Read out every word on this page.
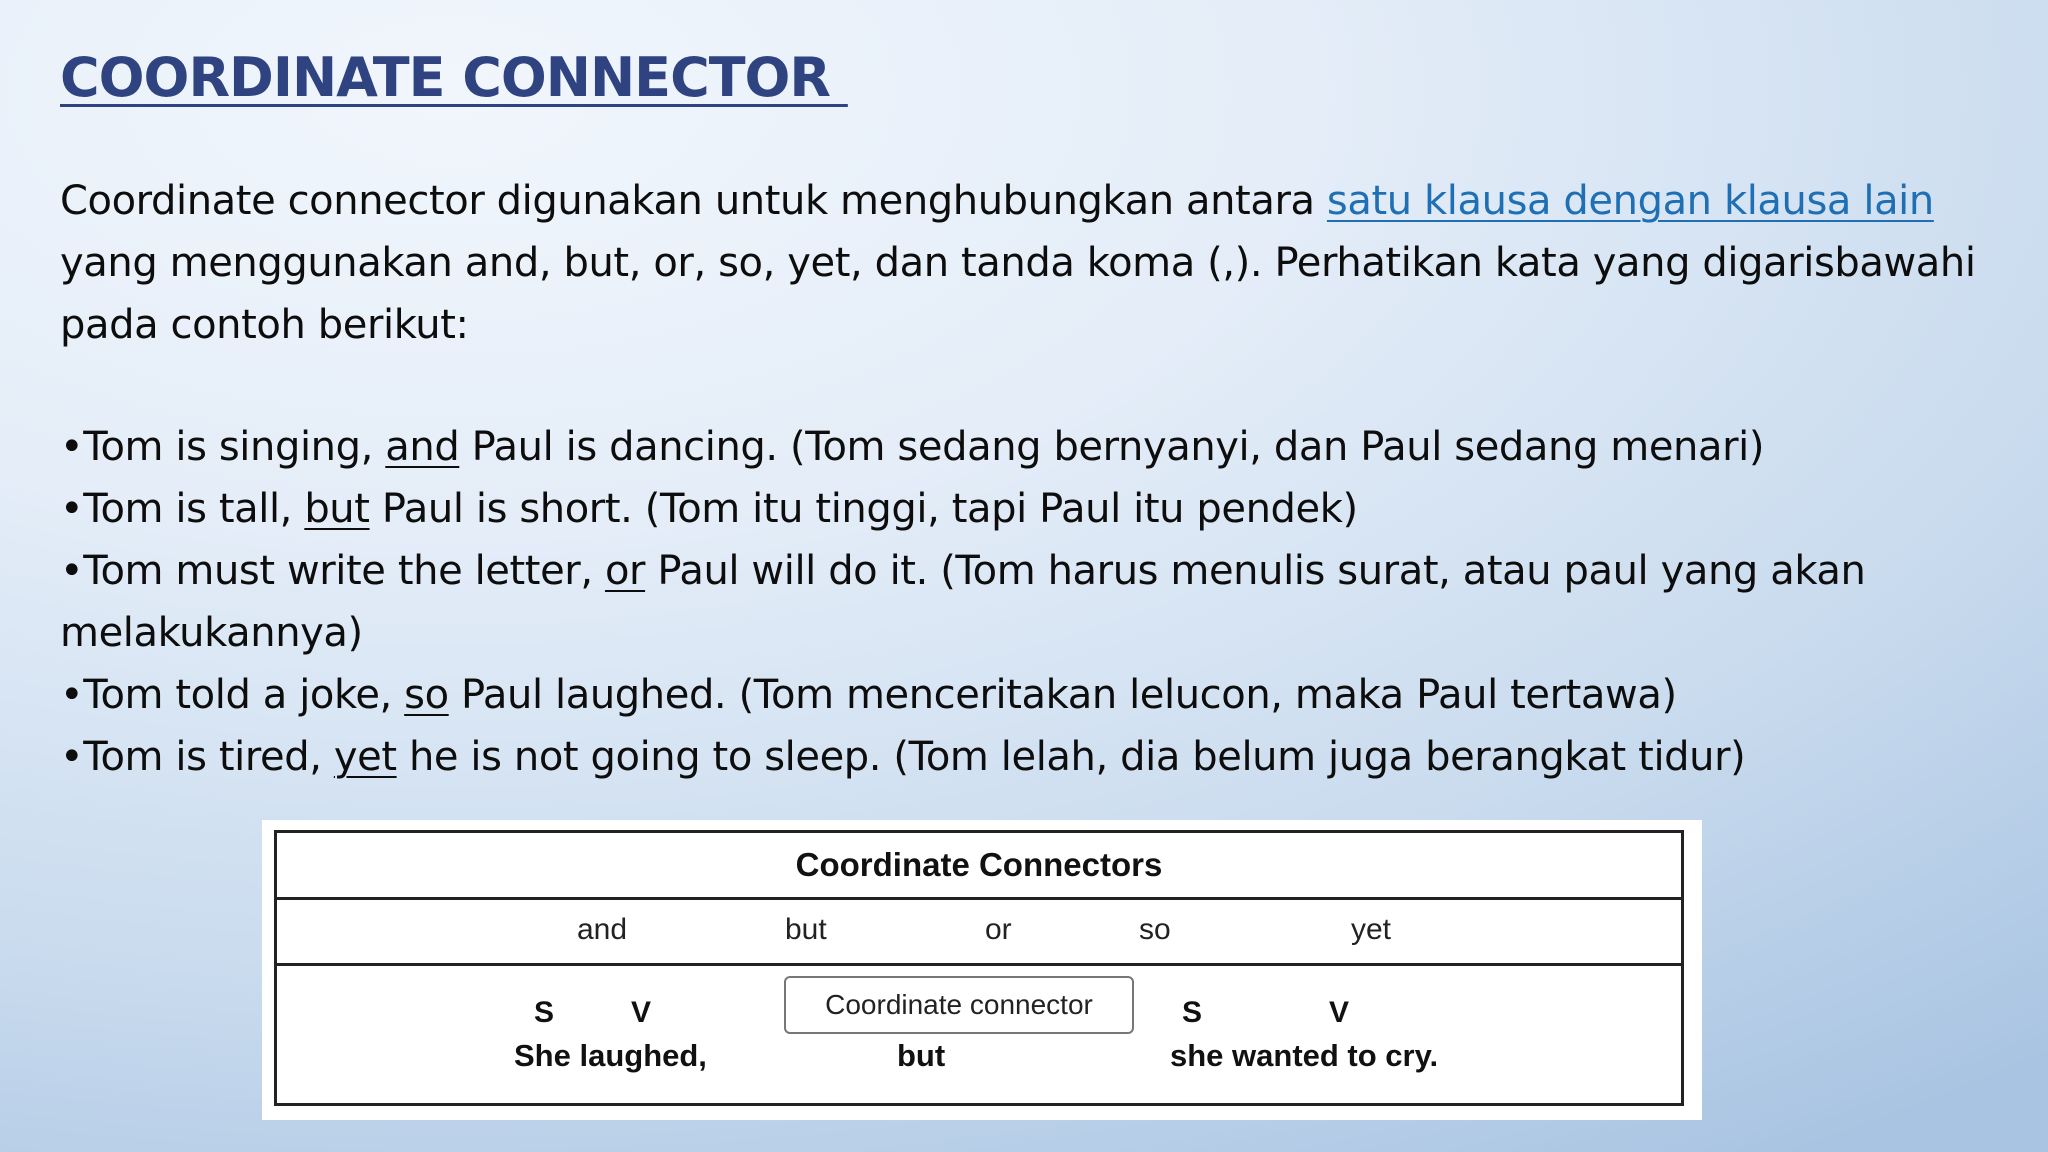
COORDINATE CONNECTOR
Coordinate connector digunakan untuk menghubungkan antara satu klausa dengan klausa lain yang menggunakan and, but, or, so, yet, dan tanda koma (,). Perhatikan kata yang digarisbawahi pada contoh berikut:

•Tom is singing, and Paul is dancing. (Tom sedang bernyanyi, dan Paul sedang menari)

•Tom is tall, but Paul is short. (Tom itu tinggi, tapi Paul itu pendek)

•Tom must write the letter, or Paul will do it. (Tom harus menulis surat, atau paul yang akan melakukannya)

•Tom told a joke, so Paul laughed. (Tom menceritakan lelucon, maka Paul tertawa)

•Tom is tired, yet he is not going to sleep. (Tom lelah, dia belum juga berangkat tidur)

Coordinate Connectors
and	but	or	so	yet
S	V
She laughed,
Coordinate connector
but
S	V
she wanted to cry.
